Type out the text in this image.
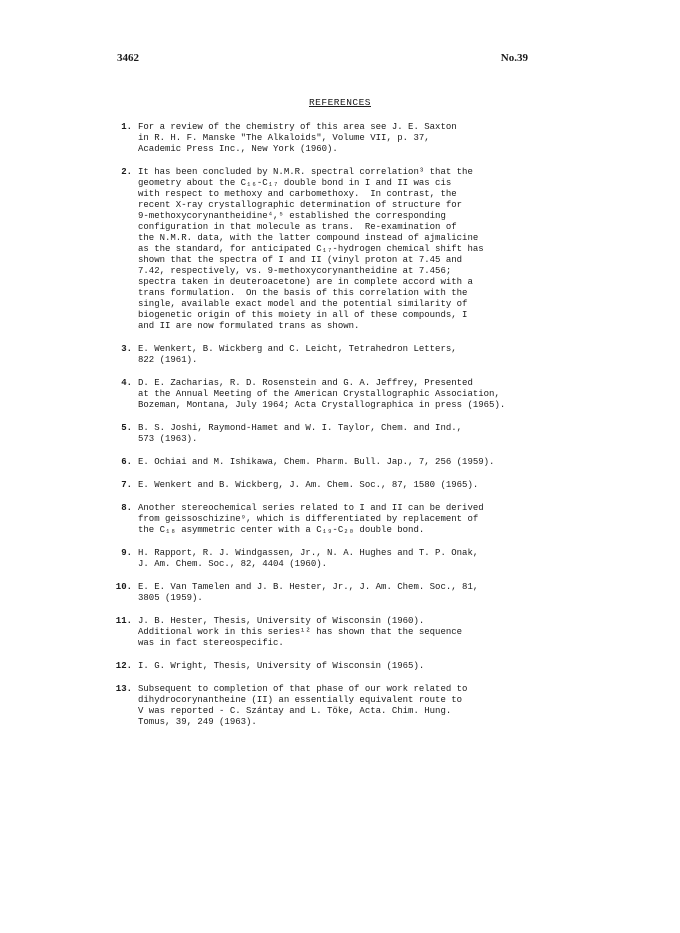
3462	No.39
REFERENCES
1. For a review of the chemistry of this area see J. E. Saxton
in R. H. F. Manske "The Alkaloids", Volume VII, p. 37,
Academic Press Inc., New York (1960).
2. It has been concluded by N.M.R. spectral correlation³ that the
geometry about the C₁₆-C₁₇ double bond in I and II was cis
with respect to methoxy and carbomethoxy.  In contrast, the
recent X-ray crystallographic determination of structure for
9-methoxycorynantheidine⁴,⁵ established the corresponding
configuration in that molecule as trans.  Re-examination of
the N.M.R. data, with the latter compound instead of ajmalicine
as the standard, for anticipated C₁₇-hydrogen chemical shift has
shown that the spectra of I and II (vinyl proton at 7.45 and
7.42, respectively, vs. 9-methoxycorynantheidine at 7.456;
spectra taken in deuteroacetone) are in complete accord with a
trans formulation.  On the basis of this correlation with the
single, available exact model and the potential similarity of
biogenetic origin of this moiety in all of these compounds, I
and II are now formulated trans as shown.
3. E. Wenkert, B. Wickberg and C. Leicht, Tetrahedron Letters,
822 (1961).
4. D. E. Zacharias, R. D. Rosenstein and G. A. Jeffrey, Presented
at the Annual Meeting of the American Crystallographic Association,
Bozeman, Montana, July 1964; Acta Crystallographica in press (1965).
5. B. S. Joshi, Raymond-Hamet and W. I. Taylor, Chem. and Ind.,
573 (1963).
6. E. Ochiai and M. Ishikawa, Chem. Pharm. Bull. Jap., 7, 256 (1959).
7. E. Wenkert and B. Wickberg, J. Am. Chem. Soc., 87, 1580 (1965).
8. Another stereochemical series related to I and II can be derived
from geissoschizine⁹, which is differentiated by replacement of
the C₁₈ asymmetric center with a C₁₉-C₂₀ double bond.
9. H. Rapport, R. J. Windgassen, Jr., N. A. Hughes and T. P. Onak,
J. Am. Chem. Soc., 82, 4404 (1960).
10. E. E. Van Tamelen and J. B. Hester, Jr., J. Am. Chem. Soc., 81,
3805 (1959).
11. J. B. Hester, Thesis, University of Wisconsin (1960).
Additional work in this series¹² has shown that the sequence
was in fact stereospecific.
12. I. G. Wright, Thesis, University of Wisconsin (1965).
13. Subsequent to completion of that phase of our work related to
dihydrocorynantheine (II) an essentially equivalent route to
V was reported - C. Szántay and L. Töke, Acta. Chim. Hung.
Tomus, 39, 249 (1963).
